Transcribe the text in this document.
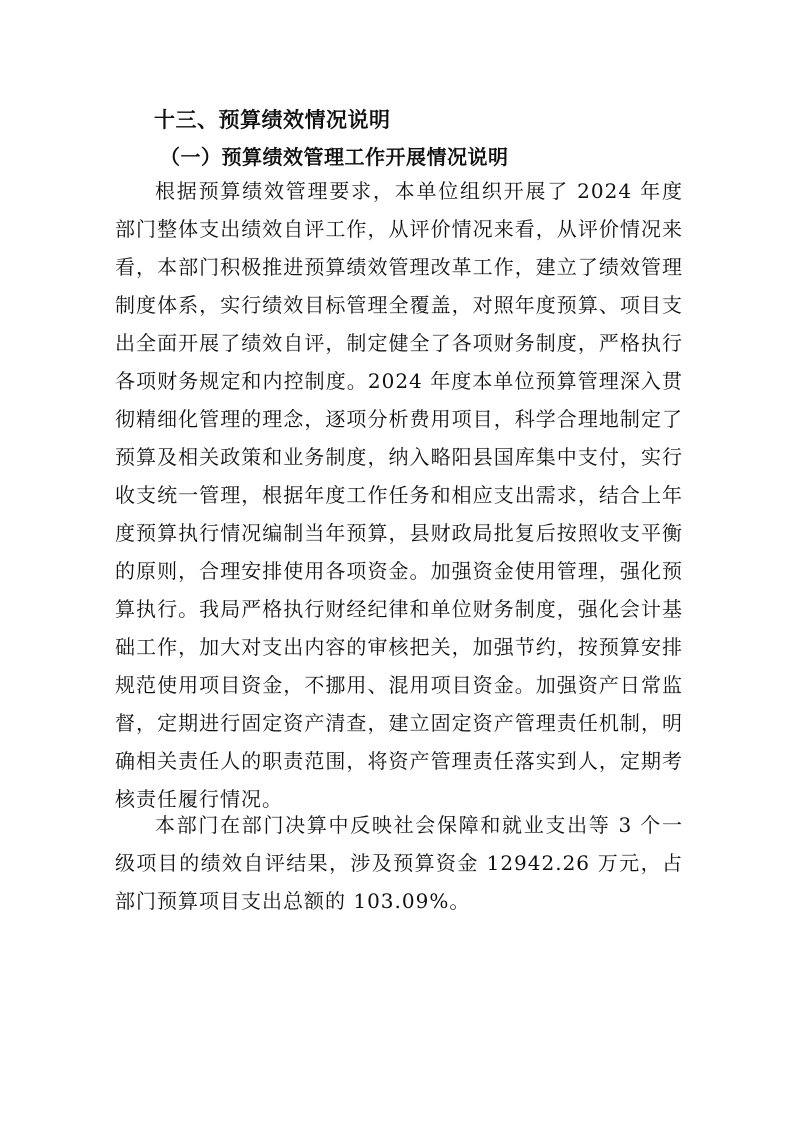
十三、预算绩效情况说明
（一）预算绩效管理工作开展情况说明

根据预算绩效管理要求，本单位组织开展了 2024 年度部门整体支出绩效自评工作，从评价情况来看，从评价情况来看，本部门积极推进预算绩效管理改革工作，建立了绩效管理制度体系，实行绩效目标管理全覆盖，对照年度预算、项目支出全面开展了绩效自评，制定健全了各项财务制度，严格执行各项财务规定和内控制度。2024 年度本单位预算管理深入贯彻精细化管理的理念，逐项分析费用项目，科学合理地制定了预算及相关政策和业务制度，纳入略阳县国库集中支付，实行收支统一管理，根据年度工作任务和相应支出需求，结合上年度预算执行情况编制当年预算，县财政局批复后按照收支平衡的原则，合理安排使用各项资金。加强资金使用管理，强化预算执行。我局严格执行财经纪律和单位财务制度，强化会计基础工作，加大对支出内容的审核把关，加强节约，按预算安排规范使用项目资金，不挪用、混用项目资金。加强资产日常监督，定期进行固定资产清查，建立固定资产管理责任机制，明确相关责任人的职责范围，将资产管理责任落实到人，定期考核责任履行情况。

本部门在部门决算中反映社会保障和就业支出等 3 个一级项目的绩效自评结果，涉及预算资金 12942.26 万元，占部门预算项目支出总额的 103.09%。
